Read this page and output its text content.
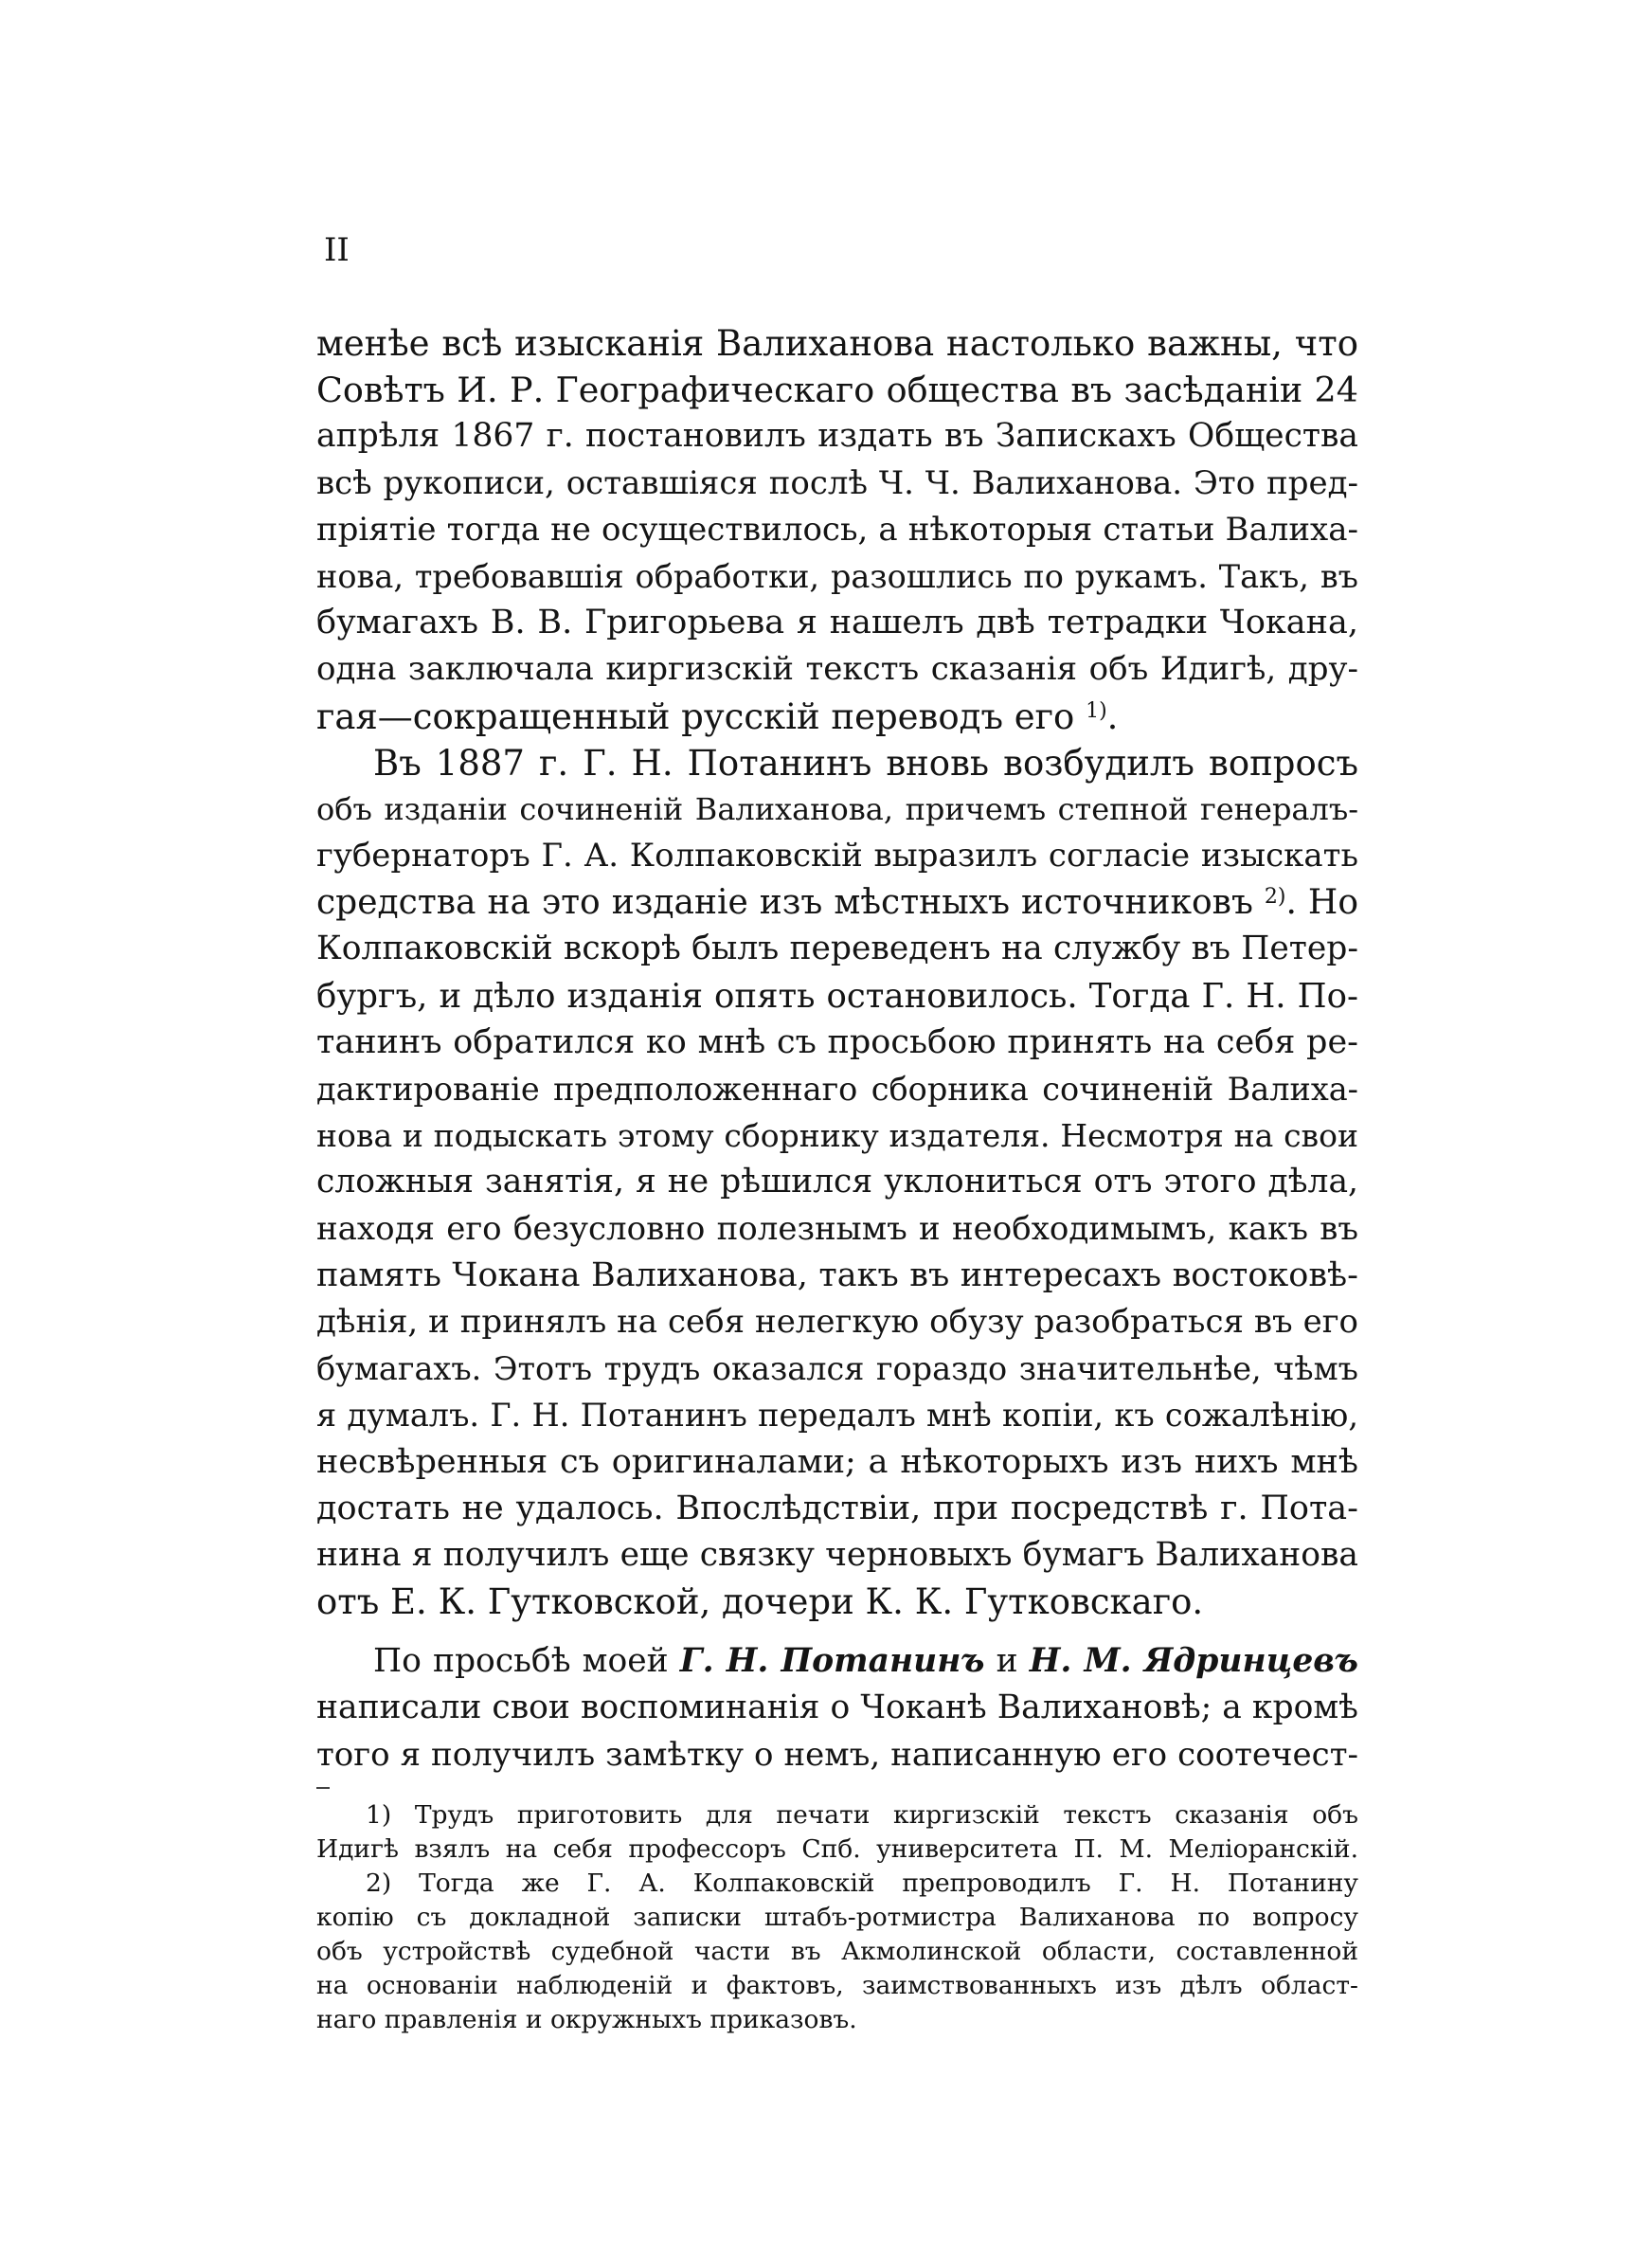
II
менѣе всѣ изысканія Валиханова настолько важны, что
Совѣтъ И. Р. Географическаго общества въ засѣданіи 24
апрѣля 1867 г. постановилъ издать въ Запискахъ Общества
всѣ рукописи, оставшіяся послѣ Ч. Ч. Валиханова. Это пред-
пріятіе тогда не осуществилось, а нѣкоторыя статьи Валиха-
нова, требовавшія обработки, разошлись по рукамъ. Такъ, въ
бумагахъ В. В. Григорьева я нашелъ двѣ тетрадки Чокана,
одна заключала киргизскій текстъ сказанія объ Идигѣ, дру-
гая—сокращенный русскій переводъ его $^{1)}$.
Въ 1887 г. Г. Н. Потанинъ вновь возбудилъ вопросъ
объ изданіи сочиненій Валиханова, причемъ степной генералъ-
губернаторъ Г. А. Колпаковскій выразилъ согласіе изыскать
средства на это изданіе изъ мѣстныхъ источниковъ $^{2)}$. Но
Колпаковскій вскорѣ былъ переведенъ на службу въ Петер-
бургъ, и дѣло изданія опять остановилось. Тогда Г. Н. По-
танинъ обратился ко мнѣ съ просьбою принять на себя ре-
дактированіе предположеннаго сборника сочиненій Валиха-
нова и подыскать этому сборнику издателя. Несмотря на свои
сложныя занятія, я не рѣшился уклониться отъ этого дѣла,
находя его безусловно полезнымъ и необходимымъ, какъ въ
память Чокана Валиханова, такъ въ интересахъ востоковѣ-
дѣнія, и принялъ на себя нелегкую обузу разобраться въ его
бумагахъ. Этотъ трудъ оказался гораздо значительнѣе, чѣмъ
я думалъ. Г. Н. Потанинъ передалъ мнѣ копіи, къ сожалѣнію,
несвѣренныя съ оригиналами; а нѣкоторыхъ изъ нихъ мнѣ
достать не удалось. Впослѣдствіи, при посредствѣ г. Пота-
нина я получилъ еще связку черновыхъ бумагъ Валиханова
отъ Е. К. Гутковской, дочери К. К. Гутковскаго.
По просьбѣ моей Г. Н. Потанинъ и Н. М. Ядринцевъ
написали свои воспоминанія о Чоканѣ Валихановѣ; а кромѣ
того я получилъ замѣтку о немъ, написанную его соотечест-
1) Трудъ приготовить для печати киргизскій текстъ сказанія объ
Идигѣ взялъ на себя профессоръ Спб. университета П. М. Меліоранскій.
2) Тогда же Г. А. Колпаковскій препроводилъ Г. Н. Потанину
копію съ докладной записки штабъ-ротмистра Валиханова по вопросу
объ устройствѣ судебной части въ Акмолинской области, составленной
на основаніи наблюденій и фактовъ, заимствованныхъ изъ дѣлъ област-
наго правленія и окружныхъ приказовъ.
